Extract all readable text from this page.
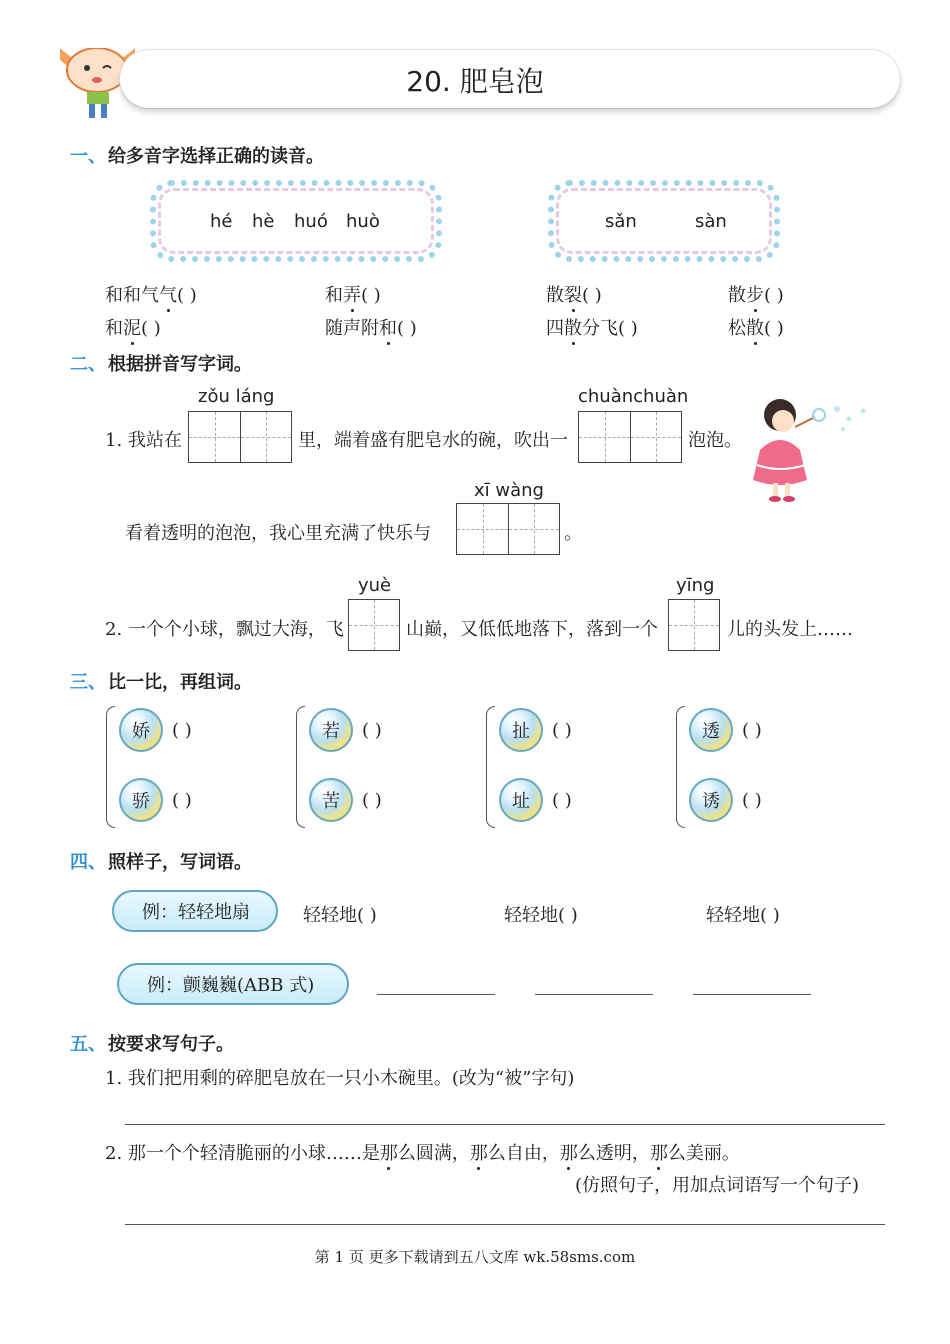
20. 肥皂泡
一、 给多音字选择正确的读音。
hé hè huó huò	sǎn	sàn
和和气气( )	和弄( )	散裂( )	散步( )
和泥( )	随声附和( )	四散分飞( )	松散( )
二、 根据拼音写字词。
1. 我站在
zǒu láng
里，端着盛有肥皂水的碗，吹出一
chuànchuàn
泡泡。
看着透明的泡泡，我心里充满了快乐与
xī wàng
。
2. 一个个小球，飘过大海，飞
yuè
山巅，又低低地落下，落到一个
yīng
儿的头发上……
三、 比一比，再组词。
娇	( )
骄	( )
若	( )
苦	( )
扯	( )
址	( )
透	( )
诱	( )
四、 照样子，写词语。
例：轻轻地扇	轻轻地( )	轻轻地( )	轻轻地( )
例：颤巍巍(ABB 式)
五、 按要求写句子。
1. 我们把用剩的碎肥皂放在一只小木碗里。(改为“被”字句)
2. 那一个个轻清脆丽的小球……是那么圆满，那么自由，那么透明，那么美丽。
(仿照句子，用加点词语写一个句子)
第 1 页 更多下载请到五八文库 wk.58sms.com
